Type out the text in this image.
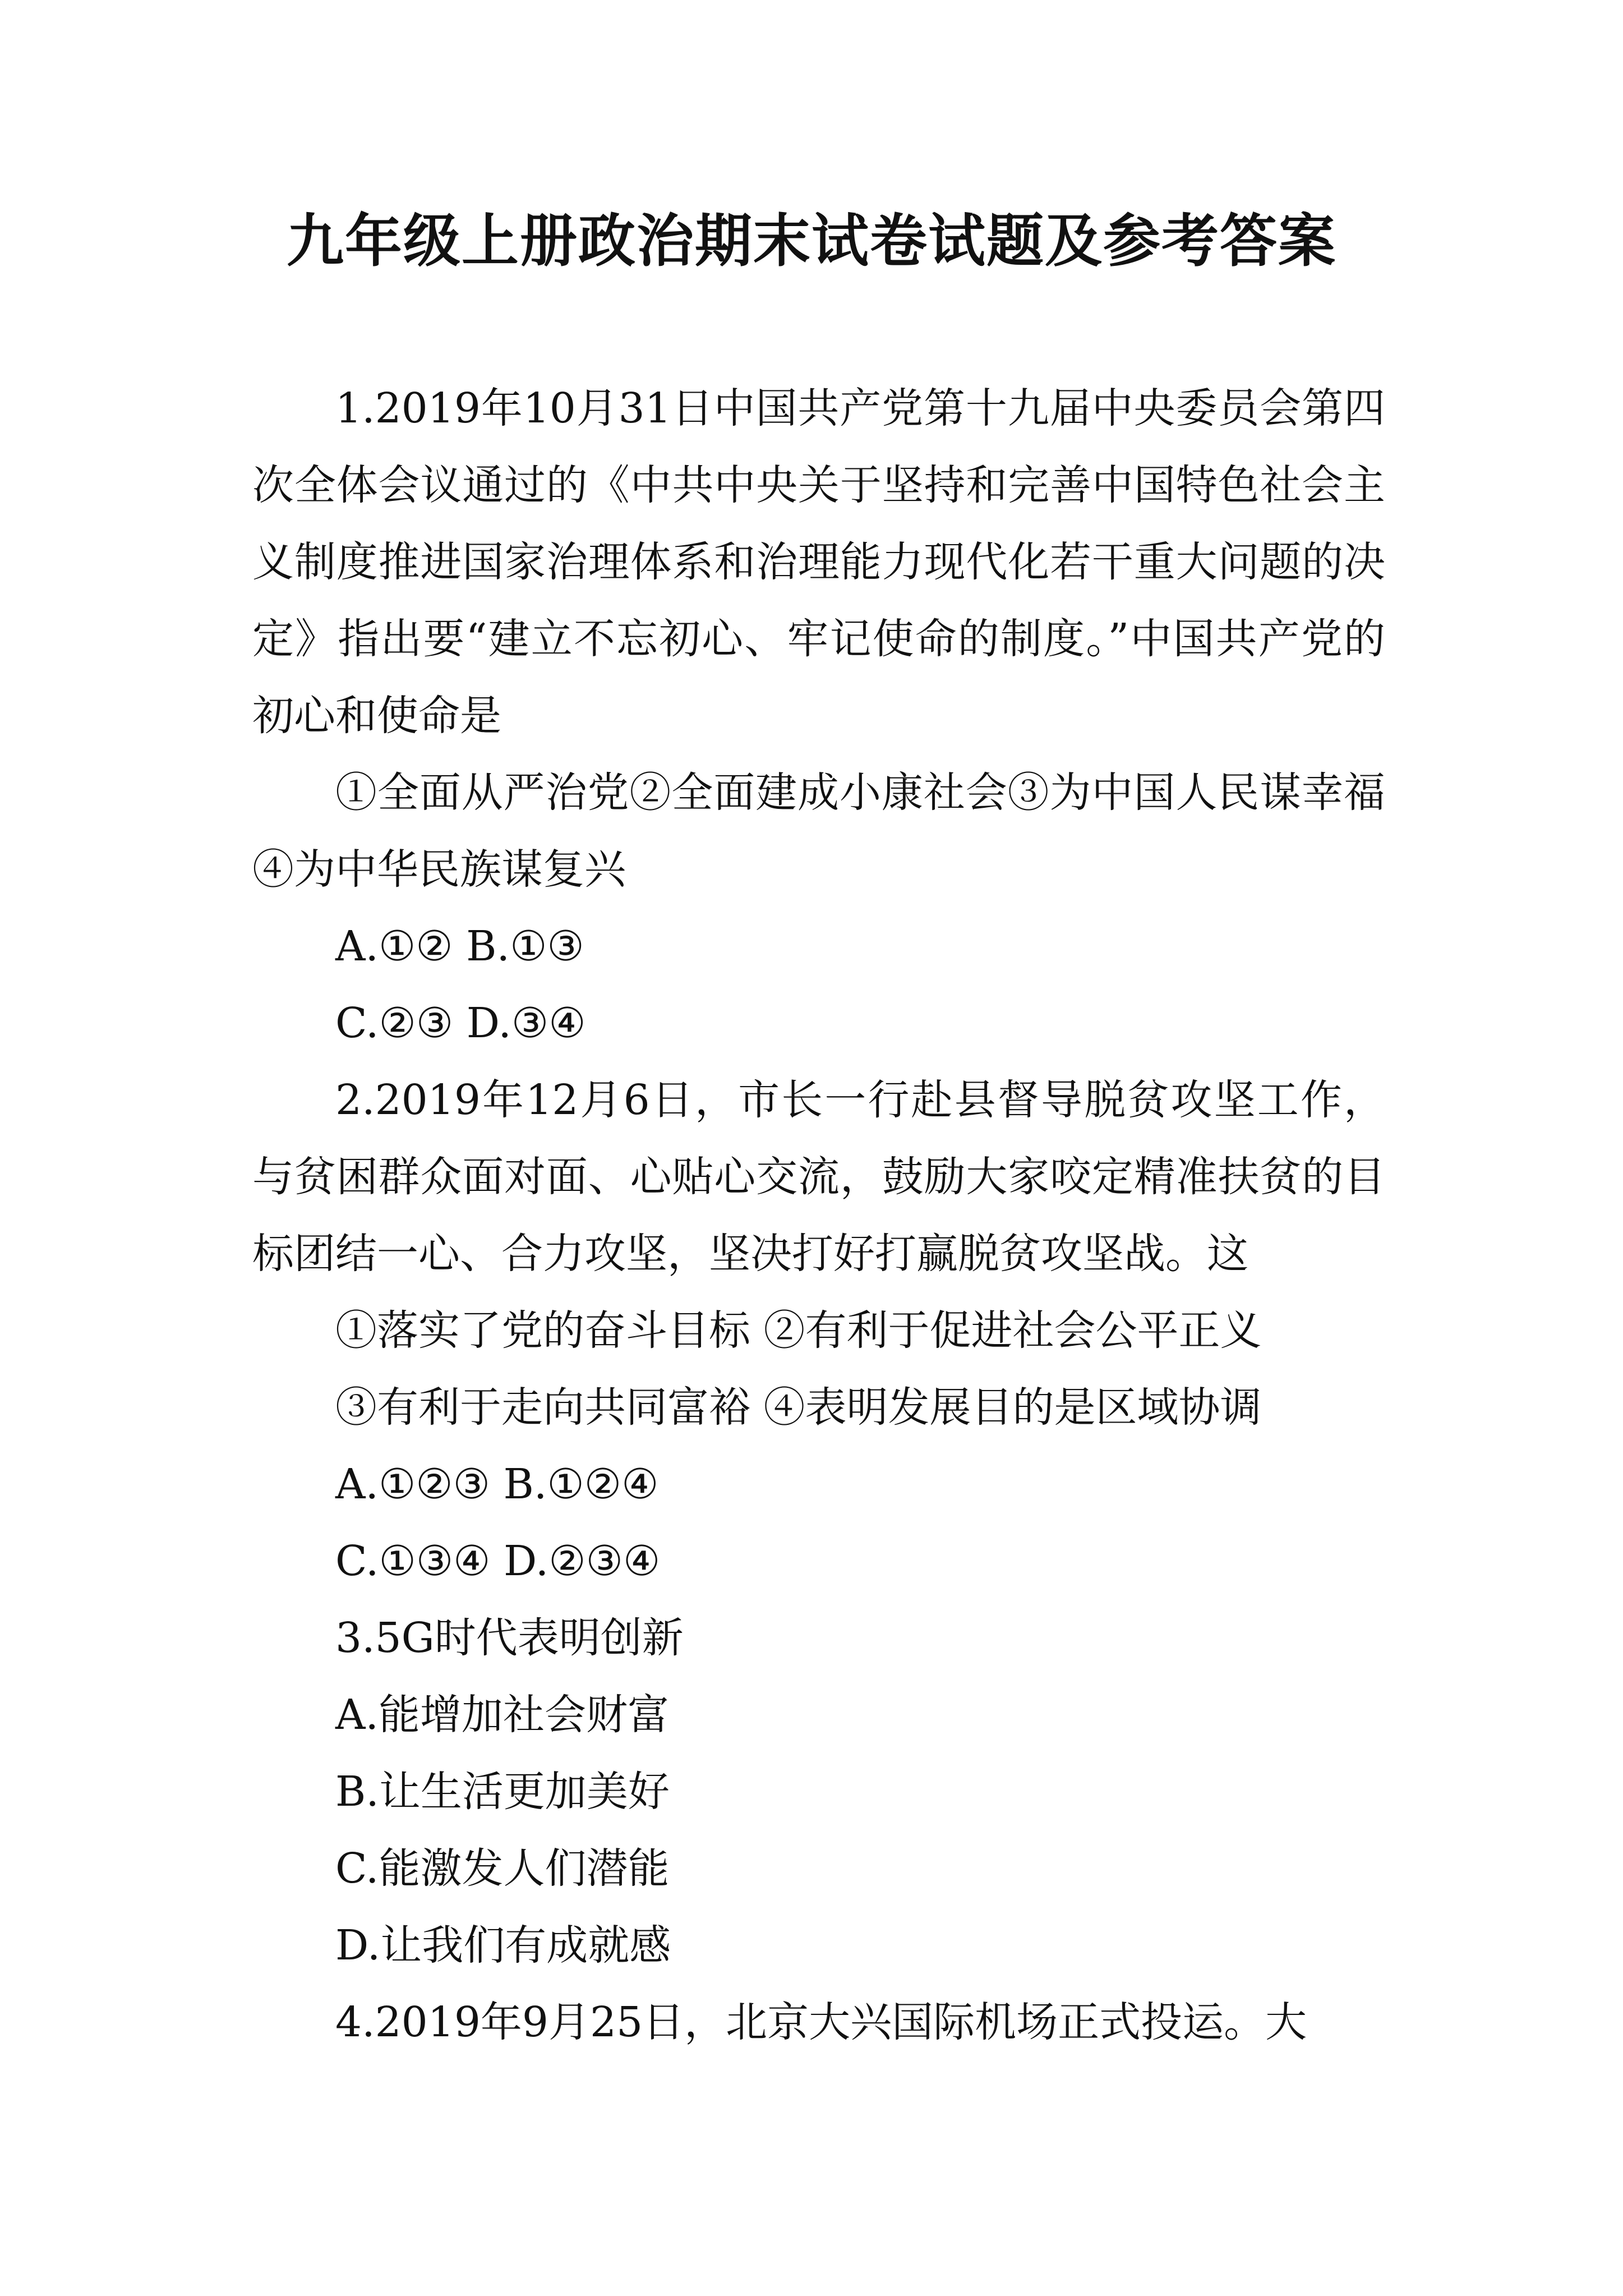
九年级上册政治期末试卷试题及参考答案

1.2019年10月31日中国共产党第十九届中央委员会第四次全体会议通过的《中共中央关于坚持和完善中国特色社会主义制度推进国家治理体系和治理能力现代化若干重大问题的决定》指出要“建立不忘初心、牢记使命的制度。”中国共产党的初心和使命是

①全面从严治党②全面建成小康社会③为中国人民谋幸福④为中华民族谋复兴

A.①② B.①③

C.②③ D.③④

2.2019年12月6日，市长一行赴县督导脱贫攻坚工作，与贫困群众面对面、心贴心交流，鼓励大家咬定精准扶贫的目标团结一心、合力攻坚，坚决打好打赢脱贫攻坚战。这

①落实了党的奋斗目标 ②有利于促进社会公平正义

③有利于走向共同富裕 ④表明发展目的是区域协调

A.①②③ B.①②④

C.①③④ D.②③④

3.5G时代表明创新

A.能增加社会财富

B.让生活更加美好

C.能激发人们潜能

D.让我们有成就感

4.2019年9月25日，北京大兴国际机场正式投运。大
